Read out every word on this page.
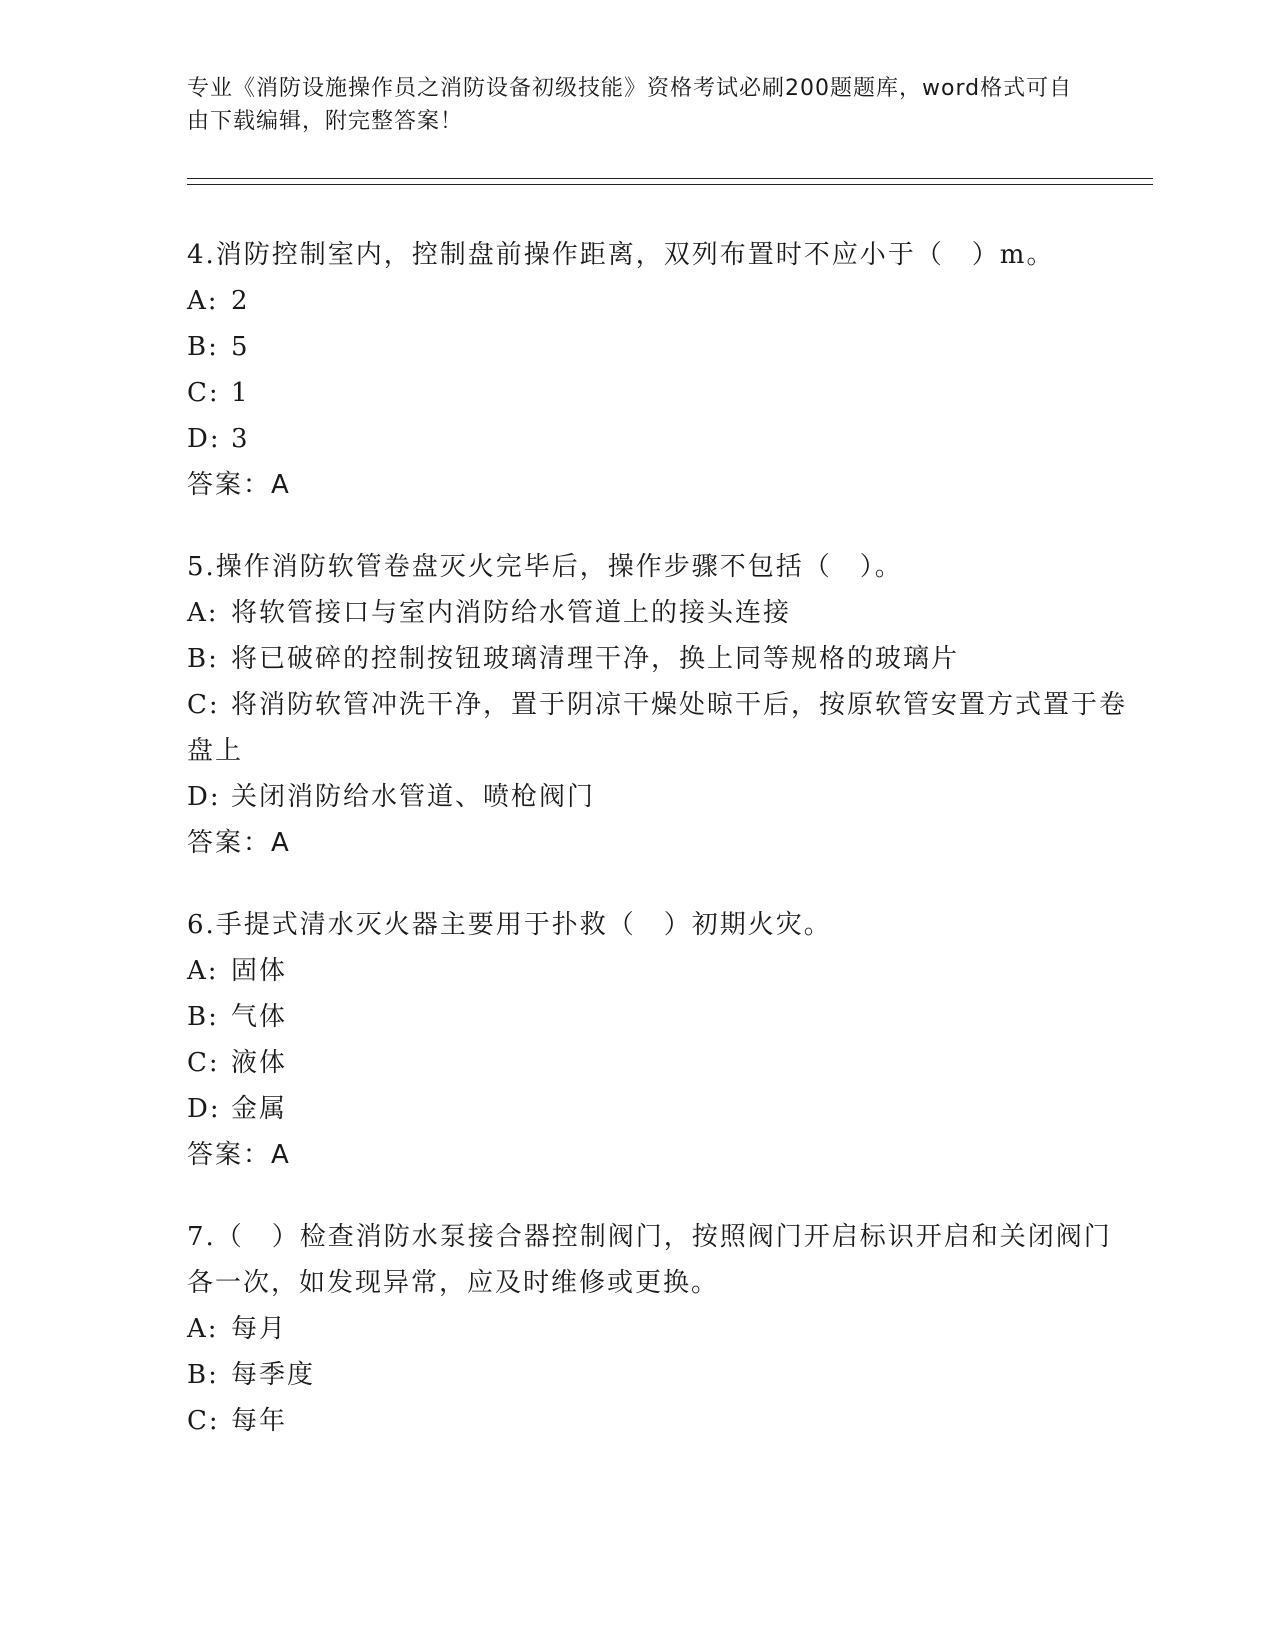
专业《消防设施操作员之消防设备初级技能》资格考试必刷200题题库，word格式可自由下载编辑，附完整答案！
4.消防控制室内，控制盘前操作距离，双列布置时不应小于（　）m。
A: 2
B: 5
C: 1
D: 3
答案：A
5.操作消防软管卷盘灭火完毕后，操作步骤不包括（　）。
A: 将软管接口与室内消防给水管道上的接头连接
B: 将已破碎的控制按钮玻璃清理干净，换上同等规格的玻璃片
C: 将消防软管冲洗干净，置于阴凉干燥处晾干后，按原软管安置方式置于卷盘上
D: 关闭消防给水管道、喷枪阀门
答案：A
6.手提式清水灭火器主要用于扑救（　）初期火灾。
A: 固体
B: 气体
C: 液体
D: 金属
答案：A
7.（　）检查消防水泵接合器控制阀门，按照阀门开启标识开启和关闭阀门各一次，如发现异常，应及时维修或更换。
A: 每月
B: 每季度
C: 每年
